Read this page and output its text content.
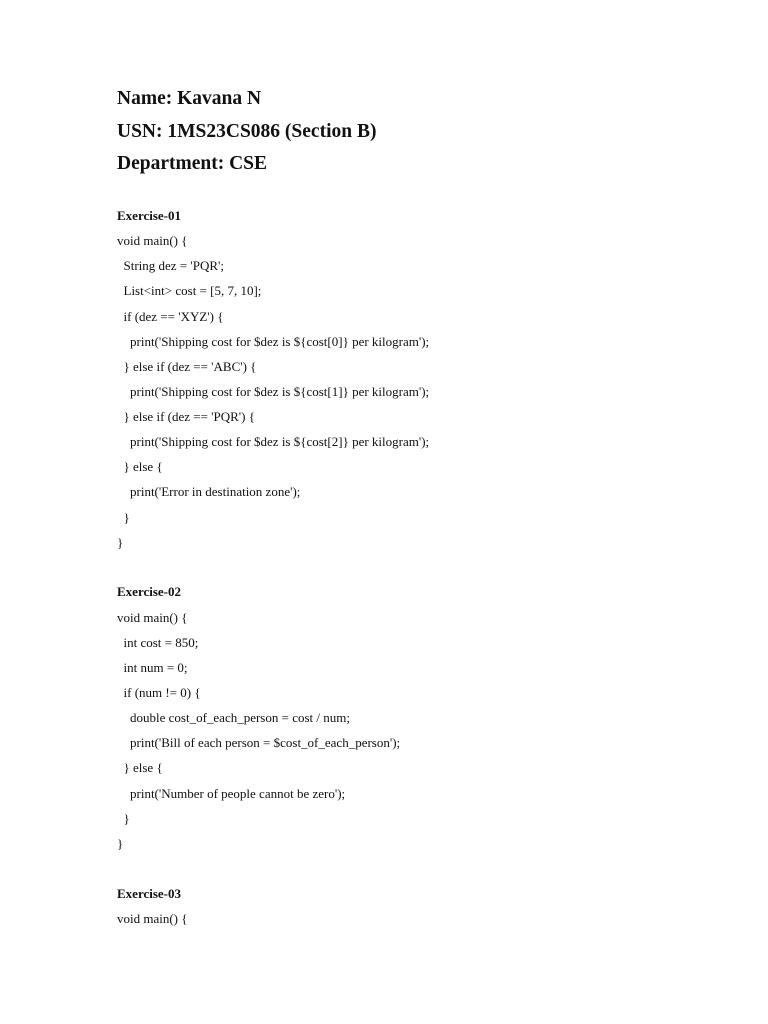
Name: Kavana N
USN: 1MS23CS086 (Section B)
Department: CSE
Exercise-01
void main() {
String dez = 'PQR';
List<int> cost = [5, 7, 10];
if (dez == 'XYZ') {
print('Shipping cost for $dez is ${cost[0]} per kilogram');
} else if (dez == 'ABC') {
print('Shipping cost for $dez is ${cost[1]} per kilogram');
} else if (dez == 'PQR') {
print('Shipping cost for $dez is ${cost[2]} per kilogram');
} else {
print('Error in destination zone');
}
}
Exercise-02
void main() {
int cost = 850;
int num = 0;
if (num != 0) {
double cost_of_each_person = cost / num;
print('Bill of each person = $cost_of_each_person');
} else {
print('Number of people cannot be zero');
}
}
Exercise-03
void main() {
